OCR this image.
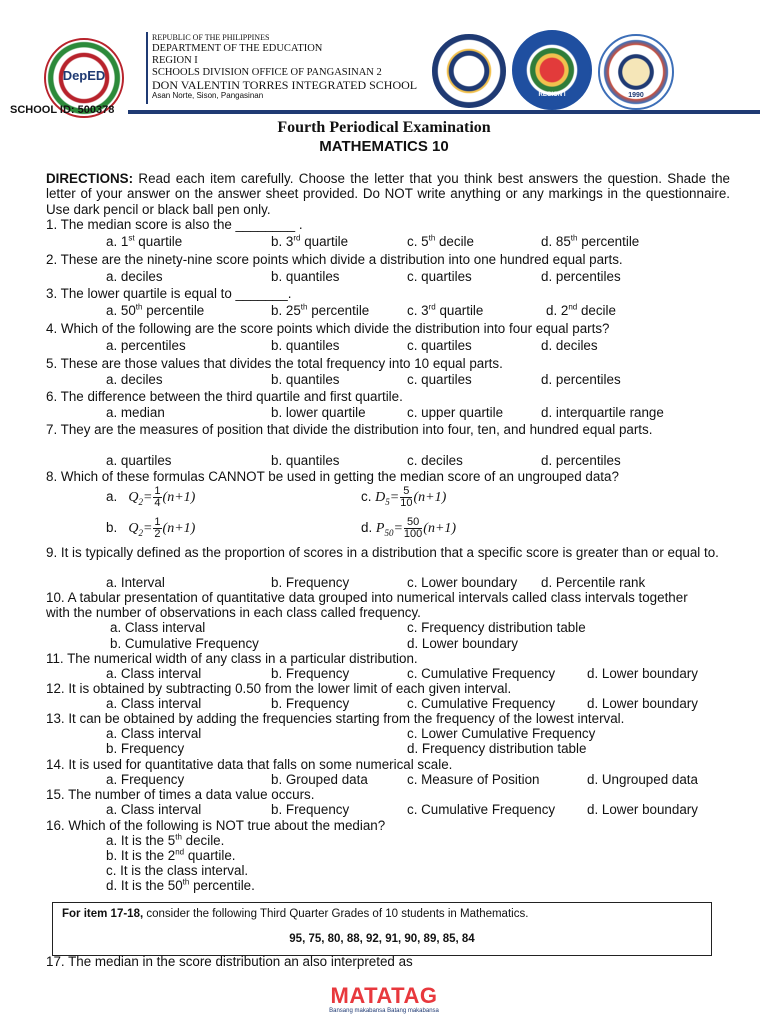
DepED
REPUBLIC OF THE PHILIPPINES
DEPARTMENT OF THE EDUCATION
REGION I
SCHOOLS DIVISION OFFICE OF PANGASINAN 2
DON VALENTIN TORRES INTEGRATED SCHOOL
Asan Norte, Sison, Pangasinan	REGION I	1990
SCHOOL ID: 500378
Fourth Periodical Examination
MATHEMATICS 10
DIRECTIONS: Read each item carefully. Choose the letter that you think best answers the question. Shade the letter of your answer on the answer sheet provided. Do NOT write anything or any markings in the questionnaire. Use dark pencil or black ball pen only.
1. The median score is also the ________ .
a. 1st quartile	b. 3rd quartile	c. 5th decile	d. 85th percentile
2. These are the ninety-nine score points which divide a distribution into one hundred equal parts.
a. deciles	b. quantiles	c. quartiles	d. percentiles
3. The lower quartile is equal to _______.
a. 50th percentile	b. 25th percentile	c. 3rd quartile	d. 2nd decile
4. Which of the following are the score points which divide the distribution into four equal parts?
a. percentiles	b. quantiles	c. quartiles	d. deciles
5. These are those values that divides the total frequency into 10 equal parts.
a. deciles	b. quantiles	c. quartiles	d. percentiles
6. The difference between the third quartile and first quartile.
a. median	b. lower quartile	c. upper quartile	d. interquartile range
7. They are the measures of position that divide the distribution into four, ten, and hundred equal parts.
a. quartiles	b. quantiles	c. deciles	d. percentiles
8. Which of these formulas CANNOT be used in getting the median score of an ungrouped data?
a. $Q_2= \frac{1}{4} (n+1)$	c. $D_5= \frac{5}{10} (n+1)$
b. $Q_2= \frac{1}{2} (n+1)$	d. $P_{50}= \frac{50}{100} (n+1)$
9. It is typically defined as the proportion of scores in a distribution that a specific score is greater than or equal to.
a. Interval	b. Frequency	c. Lower boundary d. Percentile rank
10. A tabular presentation of quantitative data grouped into numerical intervals called class intervals together        with the number of observations in each class called frequency.
a. Class interval	c. Frequency distribution table
b. Cumulative Frequency	d. Lower boundary
11. The numerical width of any class in a particular distribution.
a. Class interval	b. Frequency	c. Cumulative Frequency d. Lower boundary
12. It is obtained by subtracting 0.50 from the lower limit of each given interval.
a. Class interval	b. Frequency	c. Cumulative Frequency d. Lower boundary
13. It can be obtained by adding the frequencies starting from the frequency of the lowest interval.
a. Class interval	c. Lower Cumulative Frequency
b. Frequency	d. Frequency distribution table
14. It is used for quantitative data that falls on some numerical scale.
a. Frequency	b. Grouped data	c. Measure of Position	d. Ungrouped data
15. The number of times a data value occurs.
a. Class interval	b. Frequency	c. Cumulative Frequency d. Lower boundary
16. Which of the following is NOT true about the median?
a. It is the 5th decile.
b. It is the 2nd quartile.
c. It is the class interval.
d. It is the 50th percentile.
For item 17-18, consider the following Third Quarter Grades of 10 students in Mathematics.
95, 75, 80, 88, 92, 91, 90, 89, 85, 84
17. The median in the score distribution an also interpreted as
MATATAG
Bansang makabansa Batang makabansa
